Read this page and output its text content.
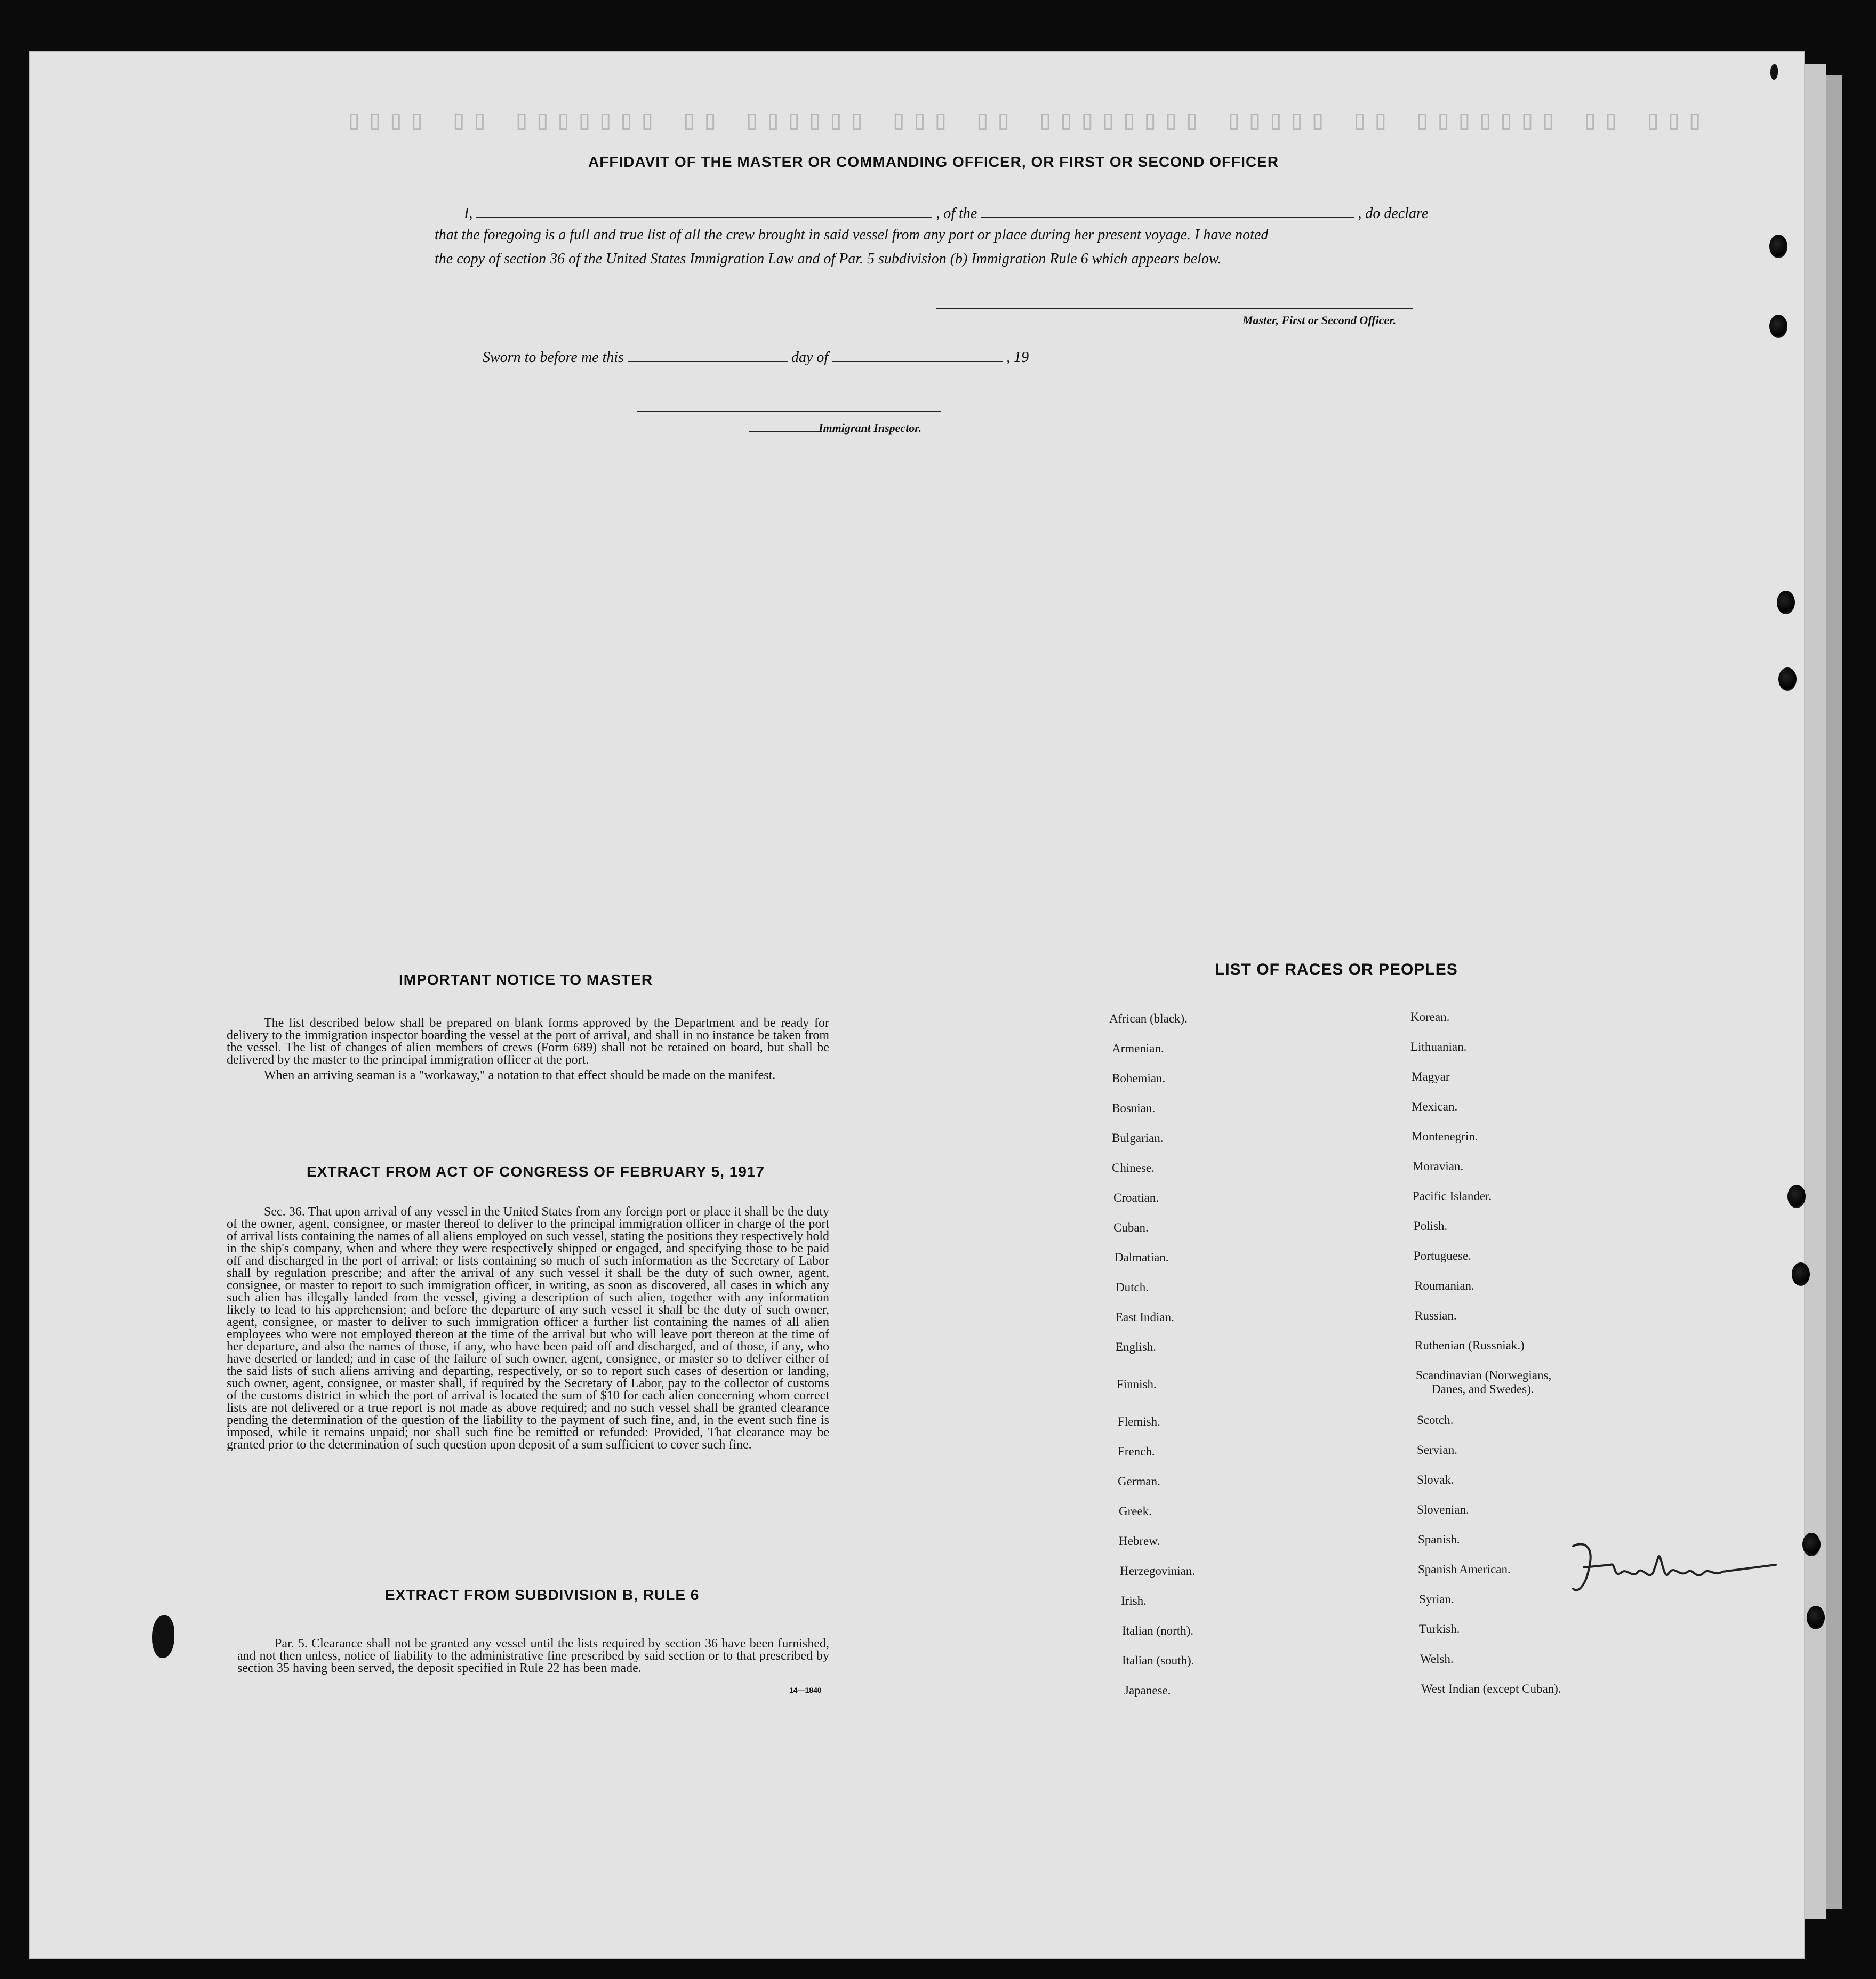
▯▯▯ ▯▯ ▯▯▯▯▯▯▯ ▯▯ ▯▯▯▯▯ ▯▯▯▯▯▯▯▯ ▯▯ ▯▯▯ ▯▯▯▯▯▯ ▯▯ ▯▯▯▯▯▯▯ ▯▯ ▯▯▯▯
AFFIDAVIT OF THE MASTER OR COMMANDING OFFICER, OR FIRST OR SECOND OFFICER
I,	, of the	, do declare
that the foregoing is a full and true list of all the crew brought in said vessel from any port or place during her present voyage. I have noted
the copy of section 36 of the United States Immigration Law and of Par. 5 subdivision (b) Immigration Rule 6 which appears below.
Master, First or Second Officer.
Sworn to before me this	day of	, 19
Immigrant Inspector.
IMPORTANT NOTICE TO MASTER

The list described below shall be prepared on blank forms approved by the Department and be ready for delivery to the immigration inspector boarding the vessel at the port of arrival, and shall in no instance be taken from the vessel. The list of changes of alien members of crews (Form 689) shall not be retained on board, but shall be delivered by the master to the principal immigration officer at the port.

When an arriving seaman is a "workaway," a notation to that effect should be made on the manifest.

EXTRACT FROM ACT OF CONGRESS OF FEBRUARY 5, 1917

Sec. 36. That upon arrival of any vessel in the United States from any foreign port or place it shall be the duty of the owner, agent, consignee, or master thereof to deliver to the principal immigration officer in charge of the port of arrival lists containing the names of all aliens employed on such vessel, stating the positions they respectively hold in the ship's company, when and where they were respectively shipped or engaged, and specifying those to be paid off and discharged in the port of arrival; or lists containing so much of such information as the Secretary of Labor shall by regulation prescribe; and after the arrival of any such vessel it shall be the duty of such owner, agent, consignee, or master to report to such immigration officer, in writing, as soon as discovered, all cases in which any such alien has illegally landed from the vessel, giving a description of such alien, together with any information likely to lead to his apprehension; and before the departure of any such vessel it shall be the duty of such owner, agent, consignee, or master to deliver to such immigration officer a further list containing the names of all alien employees who were not employed thereon at the time of the arrival but who will leave port thereon at the time of her departure, and also the names of those, if any, who have been paid off and discharged, and of those, if any, who have deserted or landed; and in case of the failure of such owner, agent, consignee, or master so to deliver either of the said lists of such aliens arriving and departing, respectively, or so to report such cases of desertion or landing, such owner, agent, consignee, or master shall, if required by the Secretary of Labor, pay to the collector of customs of the customs district in which the port of arrival is located the sum of $10 for each alien concerning whom correct lists are not delivered or a true report is not made as above required; and no such vessel shall be granted clearance pending the determination of the question of the liability to the payment of such fine, and, in the event such fine is imposed, while it remains unpaid; nor shall such fine be remitted or refunded: Provided, That clearance may be granted prior to the determination of such question upon deposit of a sum sufficient to cover such fine.

EXTRACT FROM SUBDIVISION B, RULE 6

Par. 5. Clearance shall not be granted any vessel until the lists required by section 36 have been furnished, and not then unless, notice of liability to the administrative fine prescribed by said section or to that prescribed by section 35 having been served, the deposit specified in Rule 22 has been made.

14—1840
LIST OF RACES OR PEOPLES
African (black).
Armenian.
Bohemian.
Bosnian.
Bulgarian.
Chinese.
Croatian.
Cuban.
Dalmatian.
Dutch.
East Indian.
English.
Finnish.
Flemish.
French.
German.
Greek.
Hebrew.
Herzegovinian.
Irish.
Italian (north).
Italian (south).
Japanese.
Korean.
Lithuanian.
Magyar
Mexican.
Montenegrin.
Moravian.
Pacific Islander.
Polish.
Portuguese.
Roumanian.
Russian.
Ruthenian (Russniak.)
Scandinavian (Norwegians,
Danes, and Swedes).
Scotch.
Servian.
Slovak.
Slovenian.
Spanish.
Spanish American.
Syrian.
Turkish.
Welsh.
West Indian (except Cuban).
